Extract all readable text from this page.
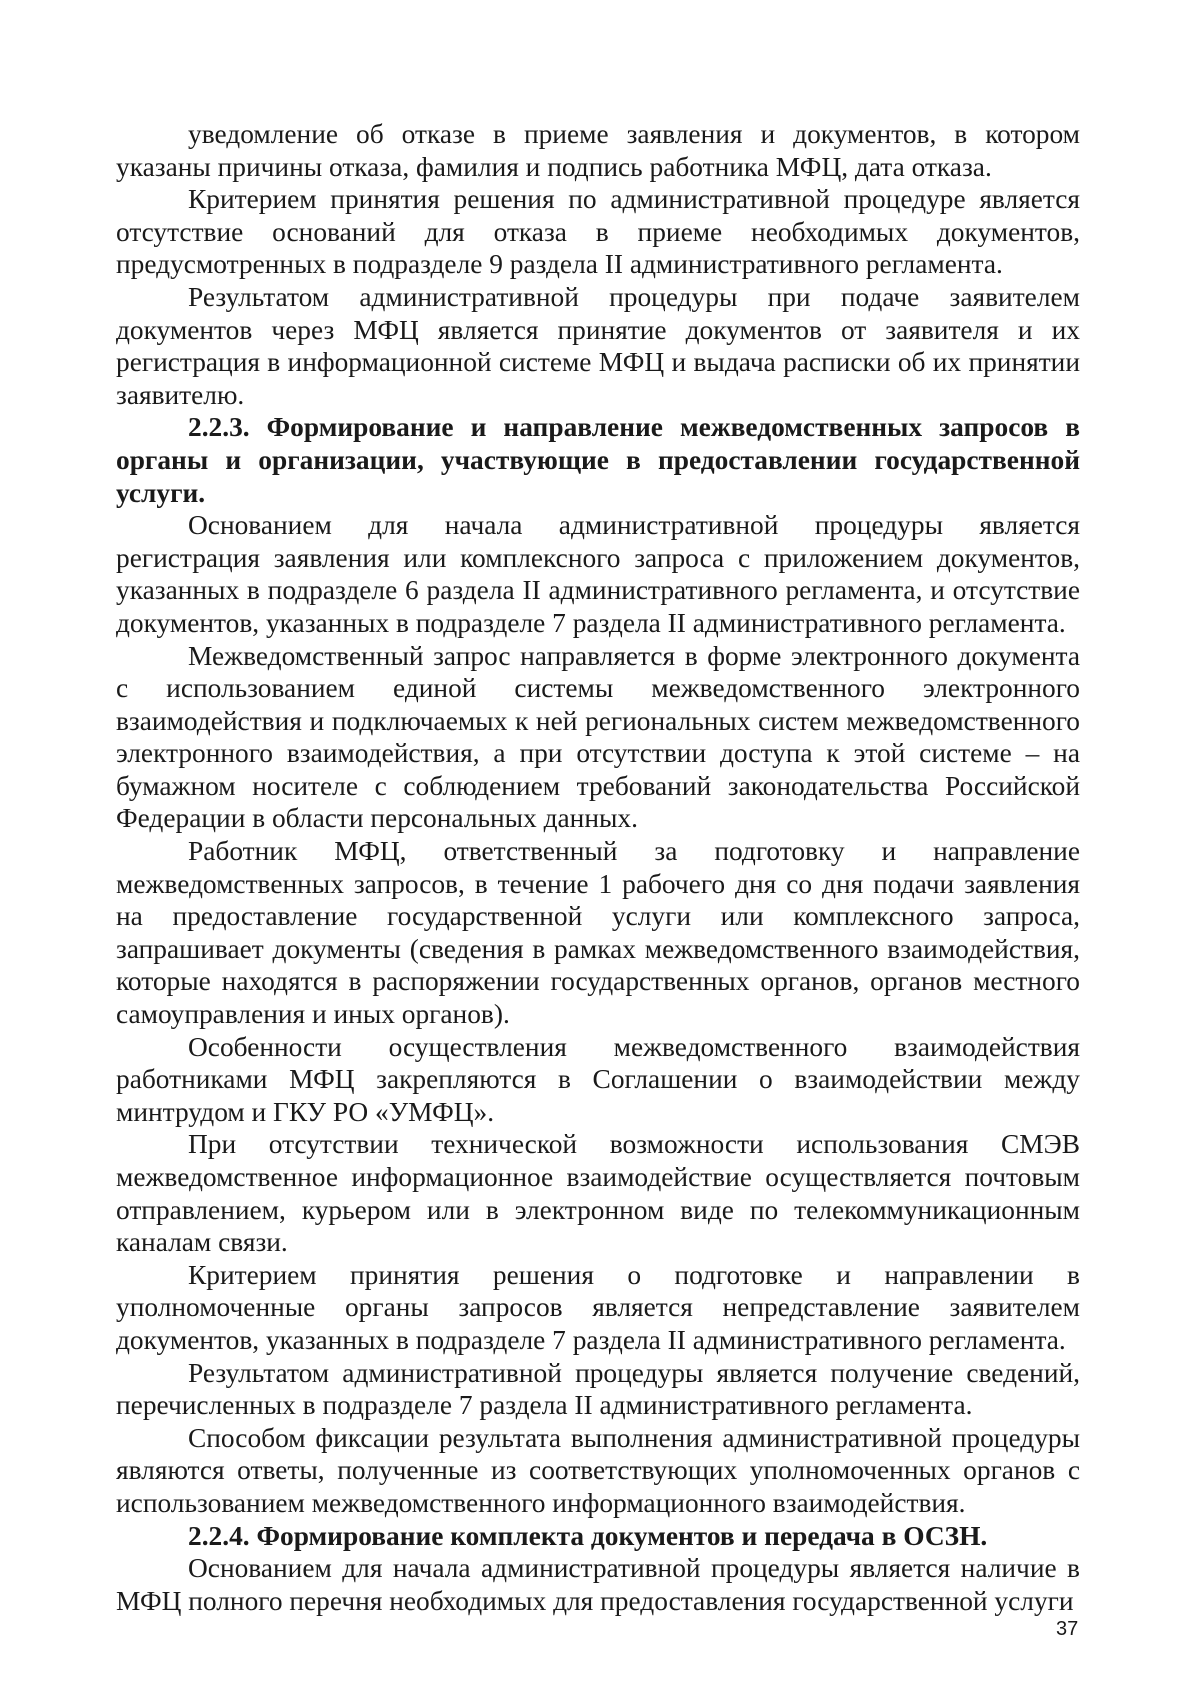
уведомление об отказе в приеме заявления и документов, в котором указаны причины отказа, фамилия и подпись работника МФЦ, дата отказа.

Критерием принятия решения по административной процедуре является отсутствие оснований для отказа в приеме необходимых документов, предусмотренных в подразделе 9 раздела II административного регламента.

Результатом административной процедуры при подаче заявителем документов через МФЦ является принятие документов от заявителя и их регистрация в информационной системе МФЦ и выдача расписки об их принятии заявителю.

2.2.3. Формирование и направление межведомственных запросов в органы и организации, участвующие в предоставлении государственной услуги.

Основанием для начала административной процедуры является регистрация заявления или комплексного запроса с приложением документов, указанных в подразделе 6 раздела II административного регламента, и отсутствие документов, указанных в подразделе 7 раздела II административного регламента.

Межведомственный запрос направляется в форме электронного документа с использованием единой системы межведомственного электронного взаимодействия и подключаемых к ней региональных систем межведомственного электронного взаимодействия, а при отсутствии доступа к этой системе – на бумажном носителе с соблюдением требований законодательства Российской Федерации в области персональных данных.

Работник МФЦ, ответственный за подготовку и направление межведомственных запросов, в течение 1 рабочего дня со дня подачи заявления на предоставление государственной услуги или комплексного запроса, запрашивает документы (сведения в рамках межведомственного взаимодействия, которые находятся в распоряжении государственных органов, органов местного самоуправления и иных органов).

Особенности осуществления межведомственного взаимодействия работниками МФЦ закрепляются в Соглашении о взаимодействии между минтрудом и ГКУ РО «УМФЦ».

При отсутствии технической возможности использования СМЭВ межведомственное информационное взаимодействие осуществляется почтовым отправлением, курьером или в электронном виде по телекоммуникационным каналам связи.

Критерием принятия решения о подготовке и направлении в уполномоченные органы запросов является непредставление заявителем документов, указанных в подразделе 7 раздела II административного регламента.

Результатом административной процедуры является получение сведений, перечисленных в подразделе 7 раздела II административного регламента.

Способом фиксации результата выполнения административной процедуры являются ответы, полученные из соответствующих уполномоченных органов с использованием межведомственного информационного взаимодействия.

2.2.4. Формирование комплекта документов и передача в ОСЗН.

Основанием для начала административной процедуры является наличие в МФЦ полного перечня необходимых для предоставления государственной услуги

37
